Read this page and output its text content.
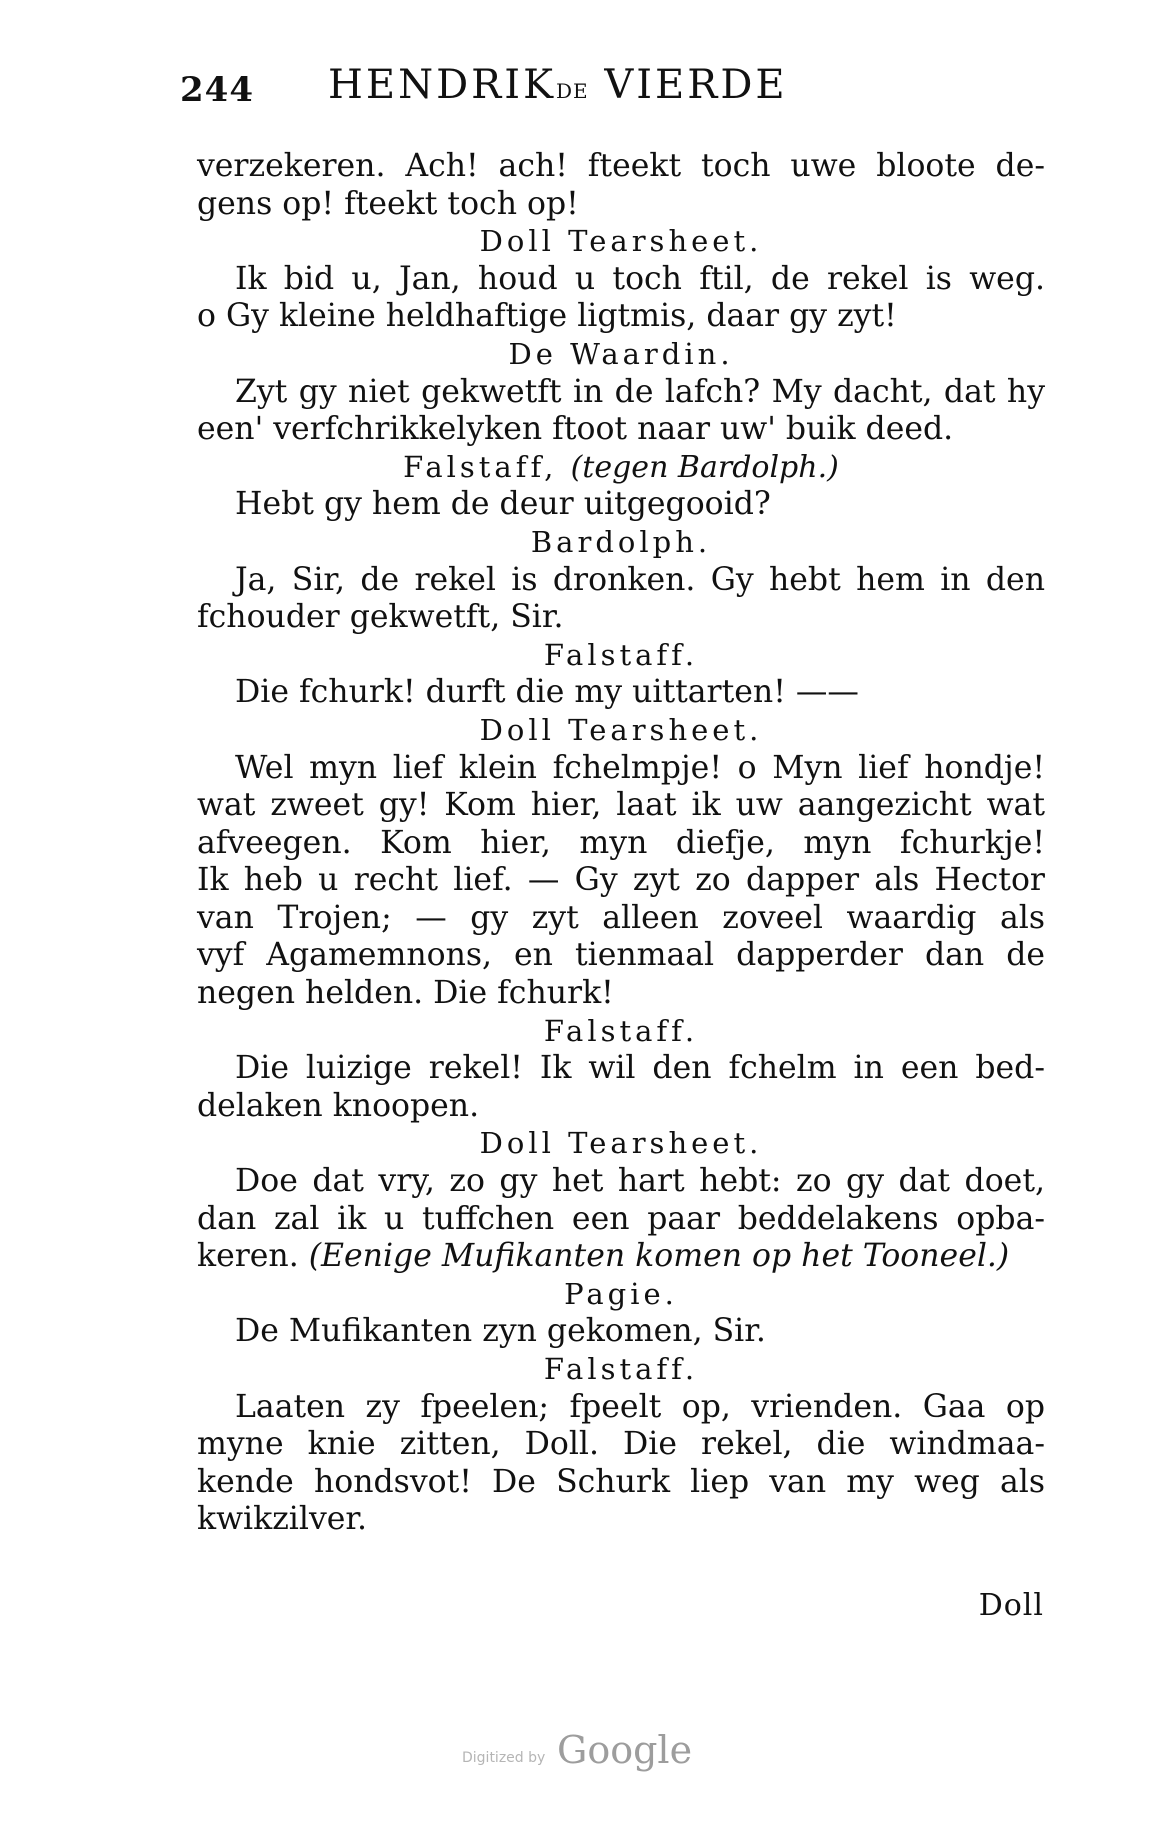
244 HENDRIKDE VIERDE
verzekeren. Ach! ach! fteekt toch uwe bloote de-
gens op! fteekt toch op!
Doll Tearsheet.
Ik bid u, Jan, houd u toch ftil, de rekel is weg.
o Gy kleine heldhaftige ligtmis, daar gy zyt!
De Waardin.
Zyt gy niet gekwetft in de lafch? My dacht, dat hy
een' verfchrikkelyken ftoot naar uw' buik deed.
Falstaff, (tegen Bardolph.)
Hebt gy hem de deur uitgegooid?
Bardolph.
Ja, Sir, de rekel is dronken. Gy hebt hem in den
fchouder gekwetft, Sir.
Falstaff.
Die fchurk! durft die my uittarten! ——
Doll Tearsheet.
Wel myn lief klein fchelmpje! o Myn lief hondje!
wat zweet gy! Kom hier, laat ik uw aangezicht wat
afveegen. Kom hier, myn diefje, myn fchurkje!
Ik heb u recht lief. — Gy zyt zo dapper als Hector
van Trojen; — gy zyt alleen zoveel waardig als
vyf Agamemnons, en tienmaal dapperder dan de
negen helden. Die fchurk!
Falstaff.
Die luizige rekel! Ik wil den fchelm in een bed-
delaken knoopen.
Doll Tearsheet.
Doe dat vry, zo gy het hart hebt: zo gy dat doet,
dan zal ik u tuffchen een paar beddelakens opba-
keren. (Eenige Mufikanten komen op het Tooneel.)
Pagie.
De Mufikanten zyn gekomen, Sir.
Falstaff.
Laaten zy fpeelen; fpeelt op, vrienden. Gaa op
myne knie zitten, Doll. Die rekel, die windmaa-
kende hondsvot! De Schurk liep van my weg als
kwikzilver.
Doll
Digitized by Google
